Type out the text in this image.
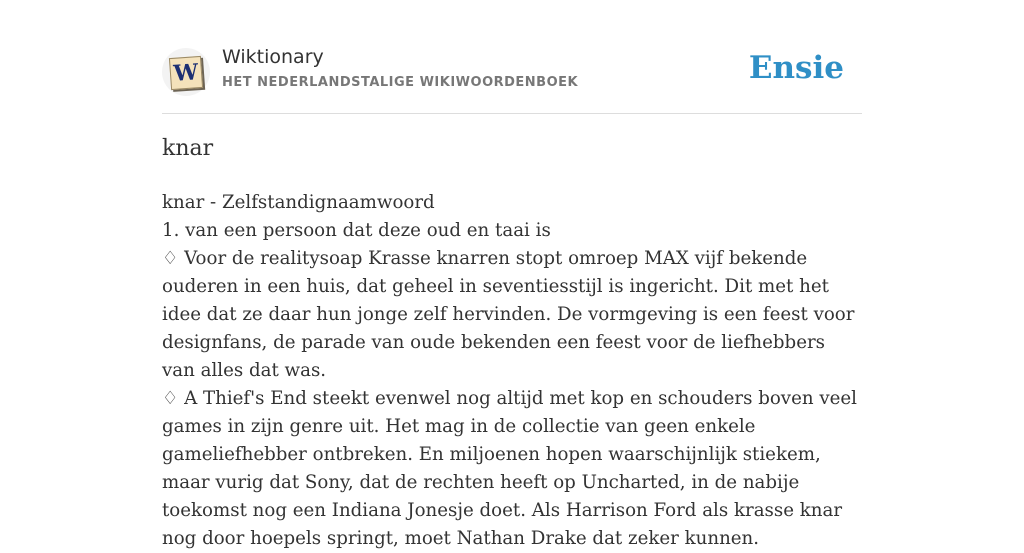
W
Wiktionary
HET NEDERLANDSTALIGE WIKIWOORDENBOEK	Ensie
knar

knar - Zelfstandignaamwoord

1. van een persoon dat deze oud en taai is

♢ Voor de realitysoap Krasse knarren stopt omroep MAX vijf bekende ouderen in een huis, dat geheel in seventiesstijl is ingericht. Dit met het idee dat ze daar hun jonge zelf hervinden. De vormgeving is een feest voor designfans, de parade van oude bekenden een feest voor de liefhebbers van alles dat was.

♢ A Thief's End steekt evenwel nog altijd met kop en schouders boven veel games in zijn genre uit. Het mag in de collectie van geen enkele gameliefhebber ontbreken. En miljoenen hopen waarschijnlijk stiekem, maar vurig dat Sony, dat de rechten heeft op Uncharted, in de nabije toekomst nog een Indiana Jonesje doet. Als Harrison Ford als krasse knar nog door hoepels springt, moet Nathan Drake dat zeker kunnen.
